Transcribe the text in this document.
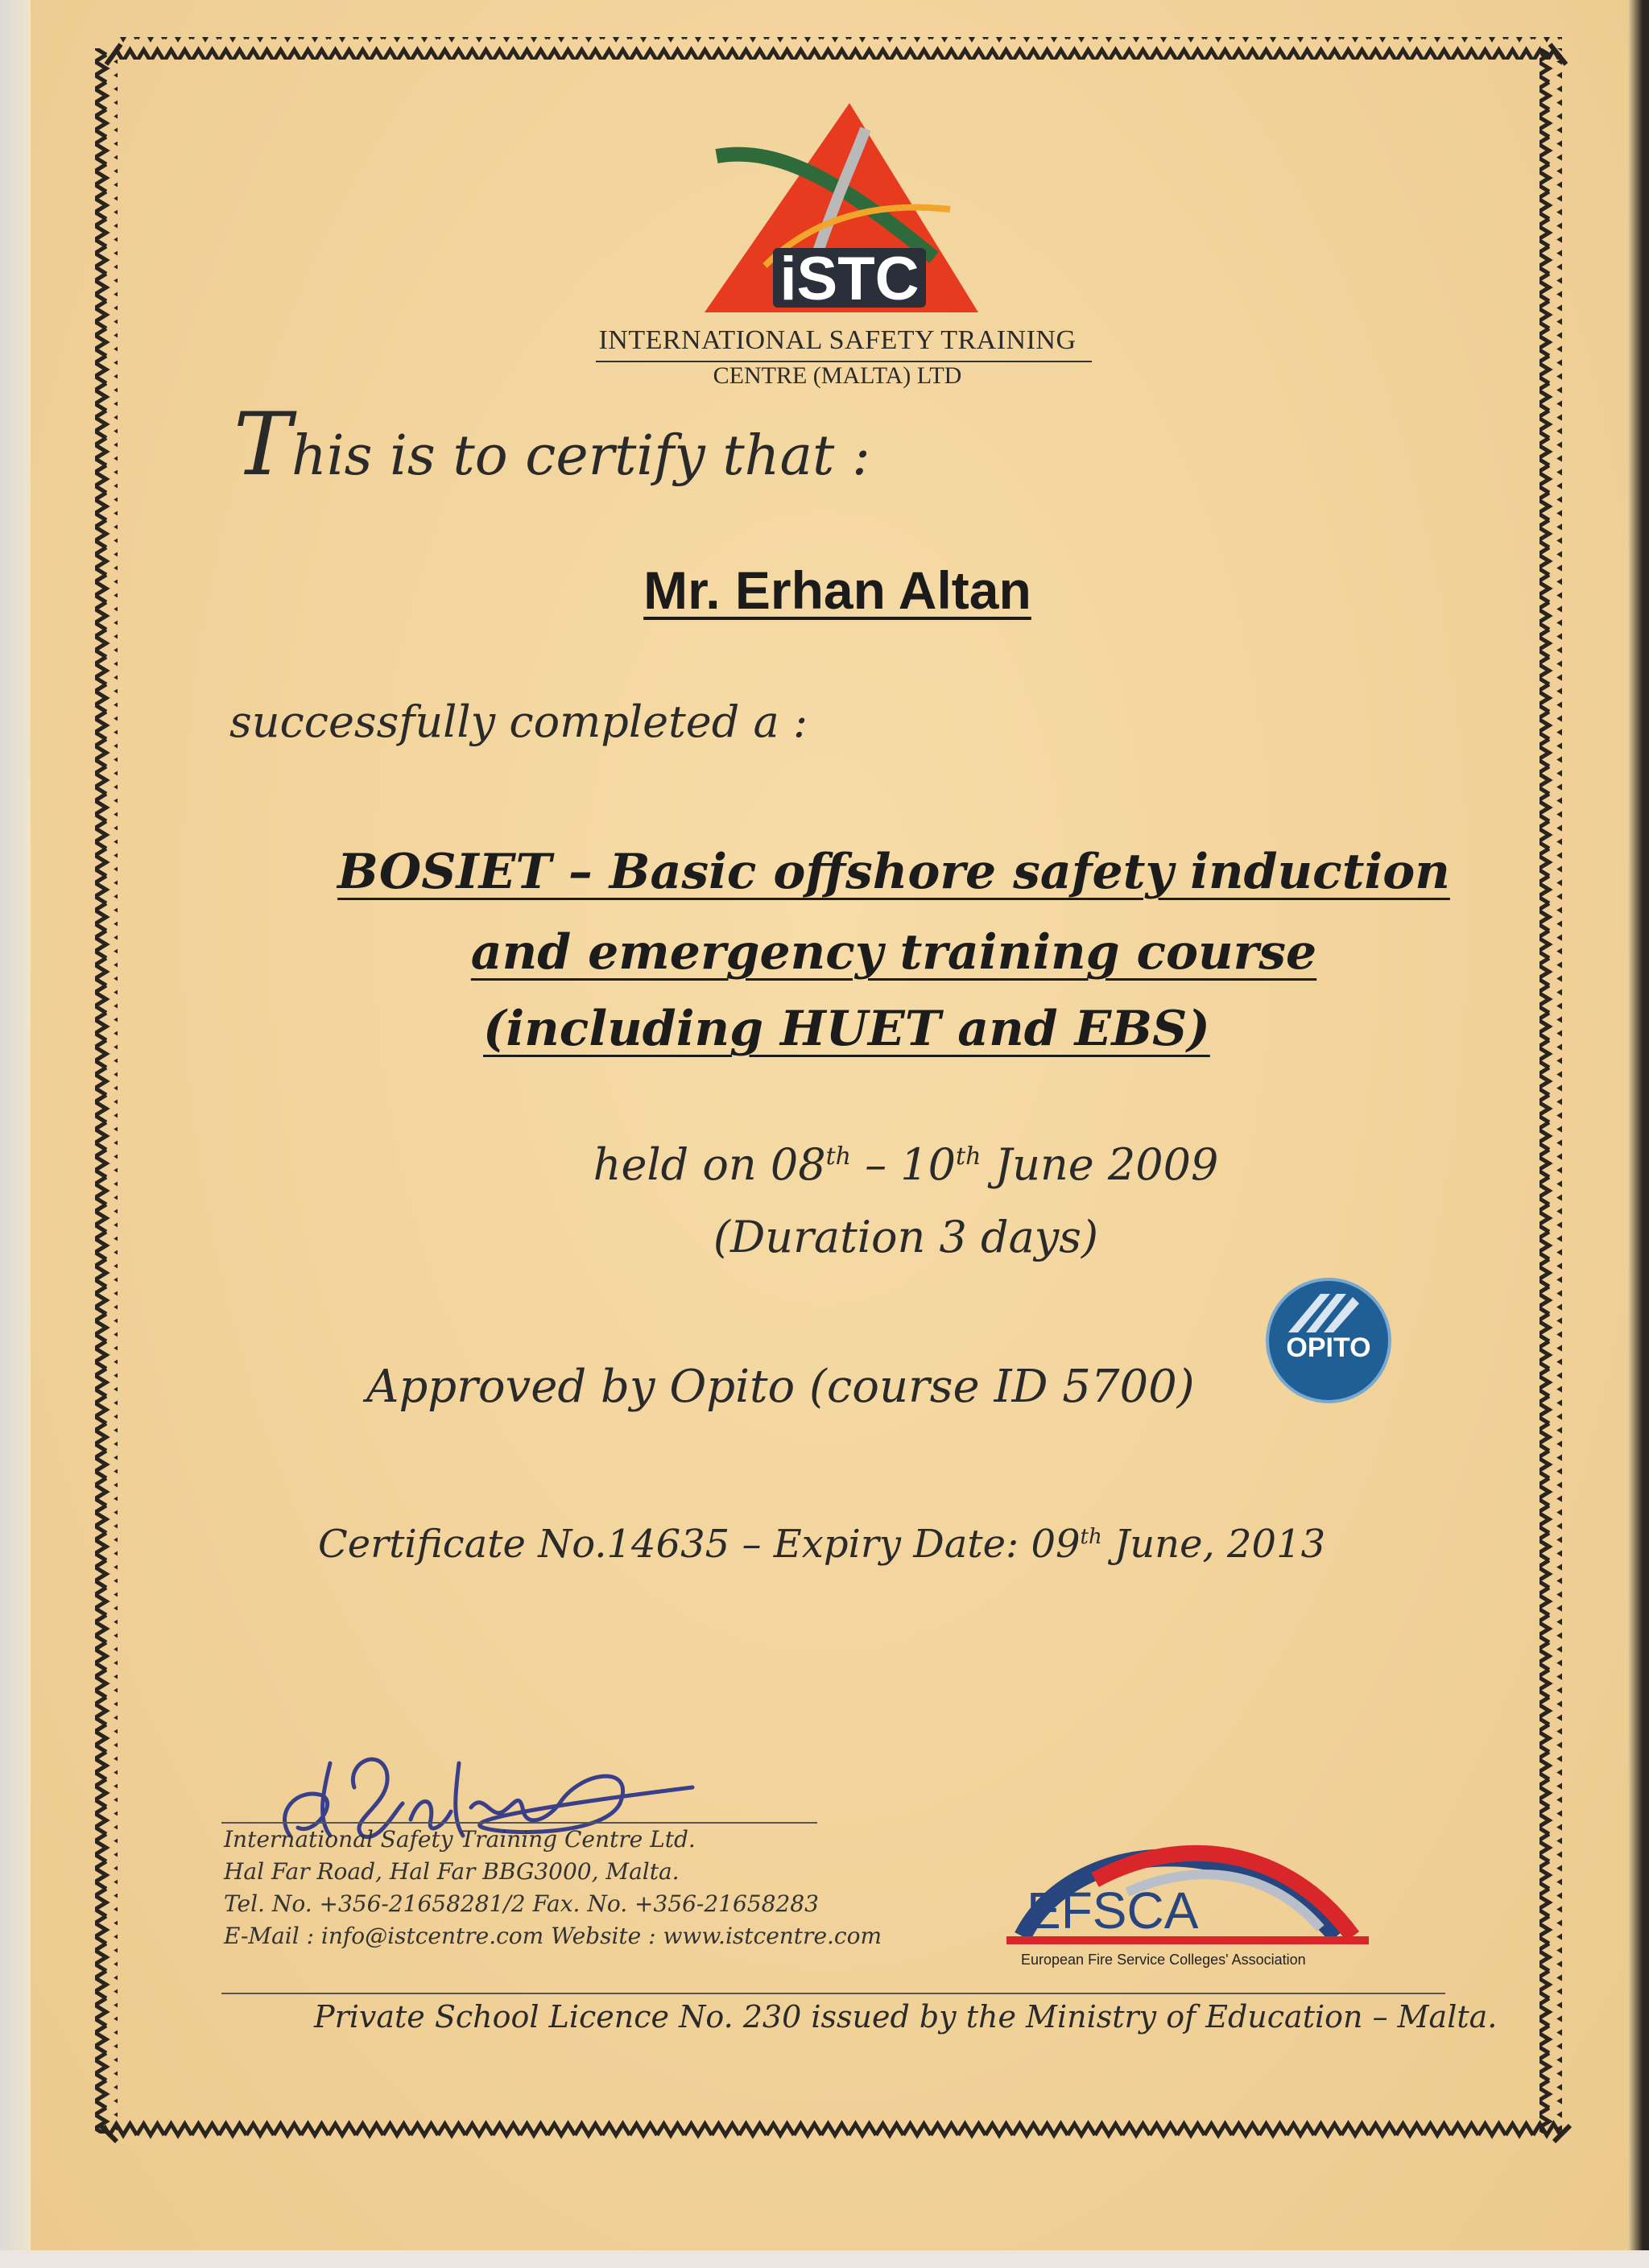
iSTC
INTERNATIONAL SAFETY TRAINING
CENTRE (MALTA) LTD
This is to certify that :
Mr. Erhan Altan
successfully completed a :
BOSIET – Basic offshore safety induction
and emergency training course
(including HUET and EBS)
held on 08th – 10th June 2009
(Duration 3 days)
Approved by Opito (course ID 5700)
OPITO
Certificate No.14635 – Expiry Date: 09th June, 2013
International Safety Training Centre Ltd.
Hal Far Road, Hal Far BBG3000, Malta.
Tel. No. +356-21658281/2 Fax. No. +356-21658283
E-Mail : info@istcentre.com Website : www.istcentre.com	EFSCA
European Fire Service Colleges' Association
Private School Licence No. 230 issued by the Ministry of Education – Malta.
